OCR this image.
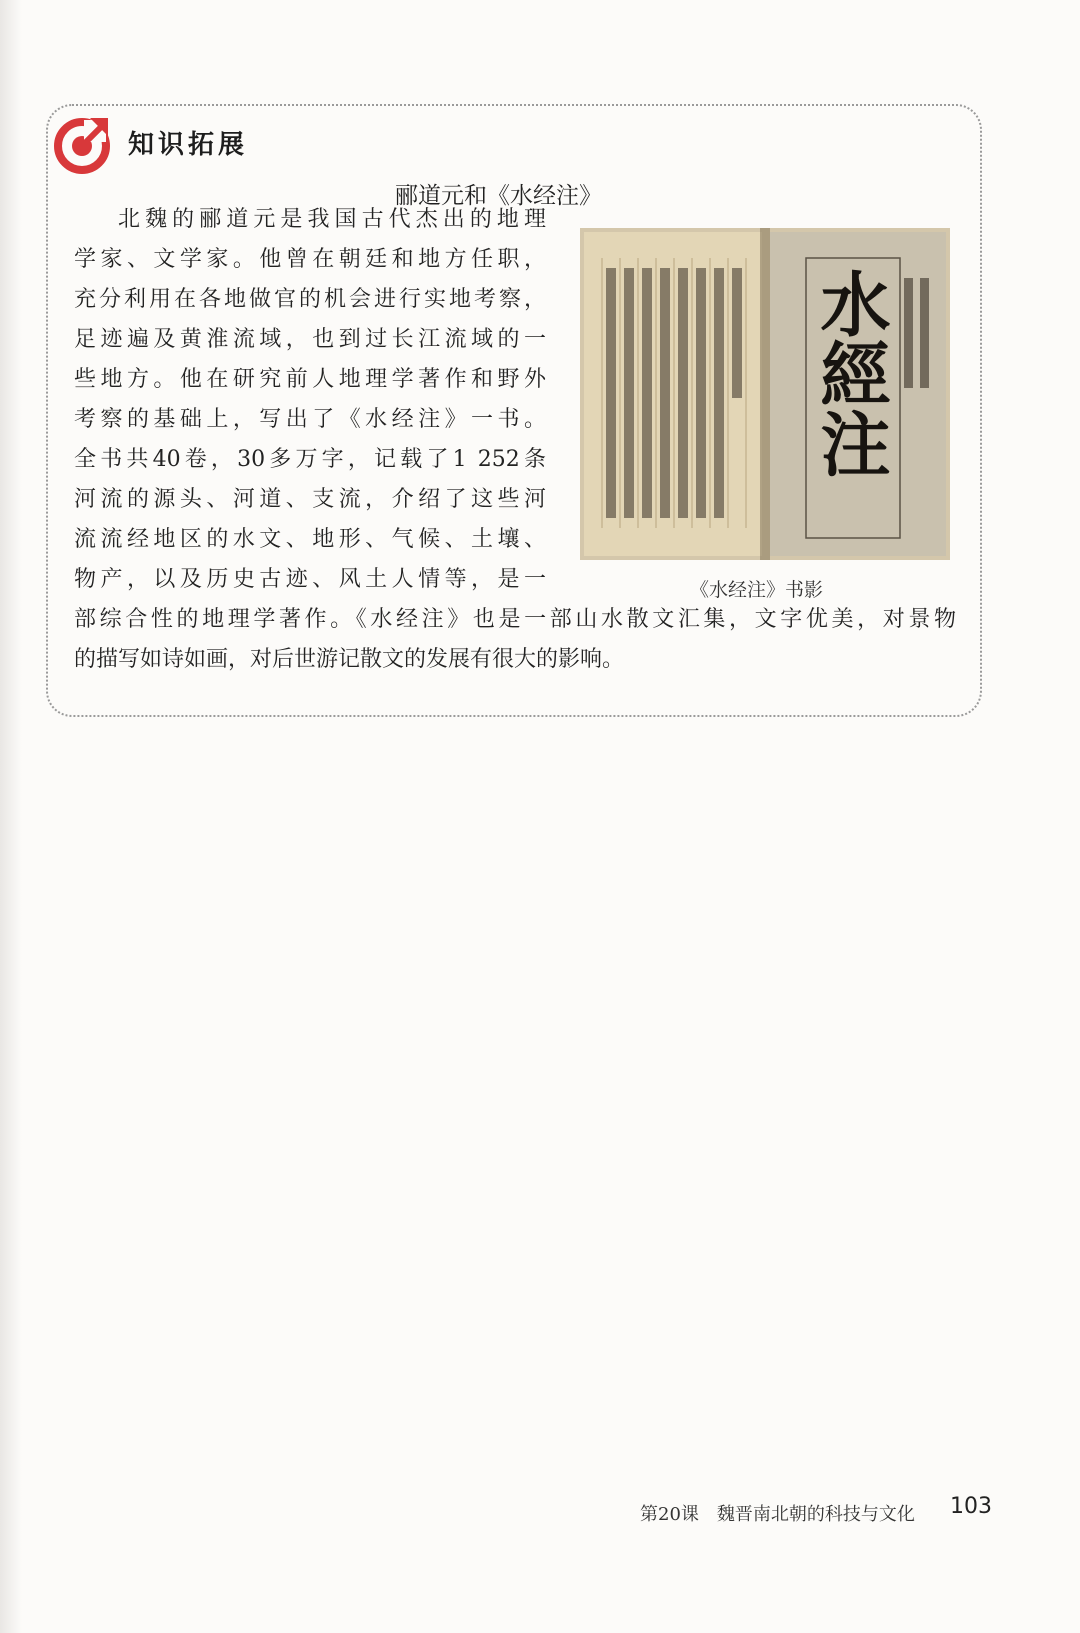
知识拓展
郦道元和《水经注》
北魏的郦道元是我国古代杰出的地理
学家、文学家。他曾在朝廷和地方任职，
充分利用在各地做官的机会进行实地考察，
足迹遍及黄淮流域，也到过长江流域的一
些地方。他在研究前人地理学著作和野外
考察的基础上，写出了《水经注》一书。
全书共40卷，30多万字，记载了1 252条
河流的源头、河道、支流，介绍了这些河
流流经地区的水文、地形、气候、土壤、
物产，以及历史古迹、风土人情等，是一
部综合性的地理学著作。《水经注》也是一部山水散文汇集，文字优美，对景物
的描写如诗如画，对后世游记散文的发展有很大的影响。
水經注
《水经注》书影
第20课　魏晋南北朝的科技与文化 103
